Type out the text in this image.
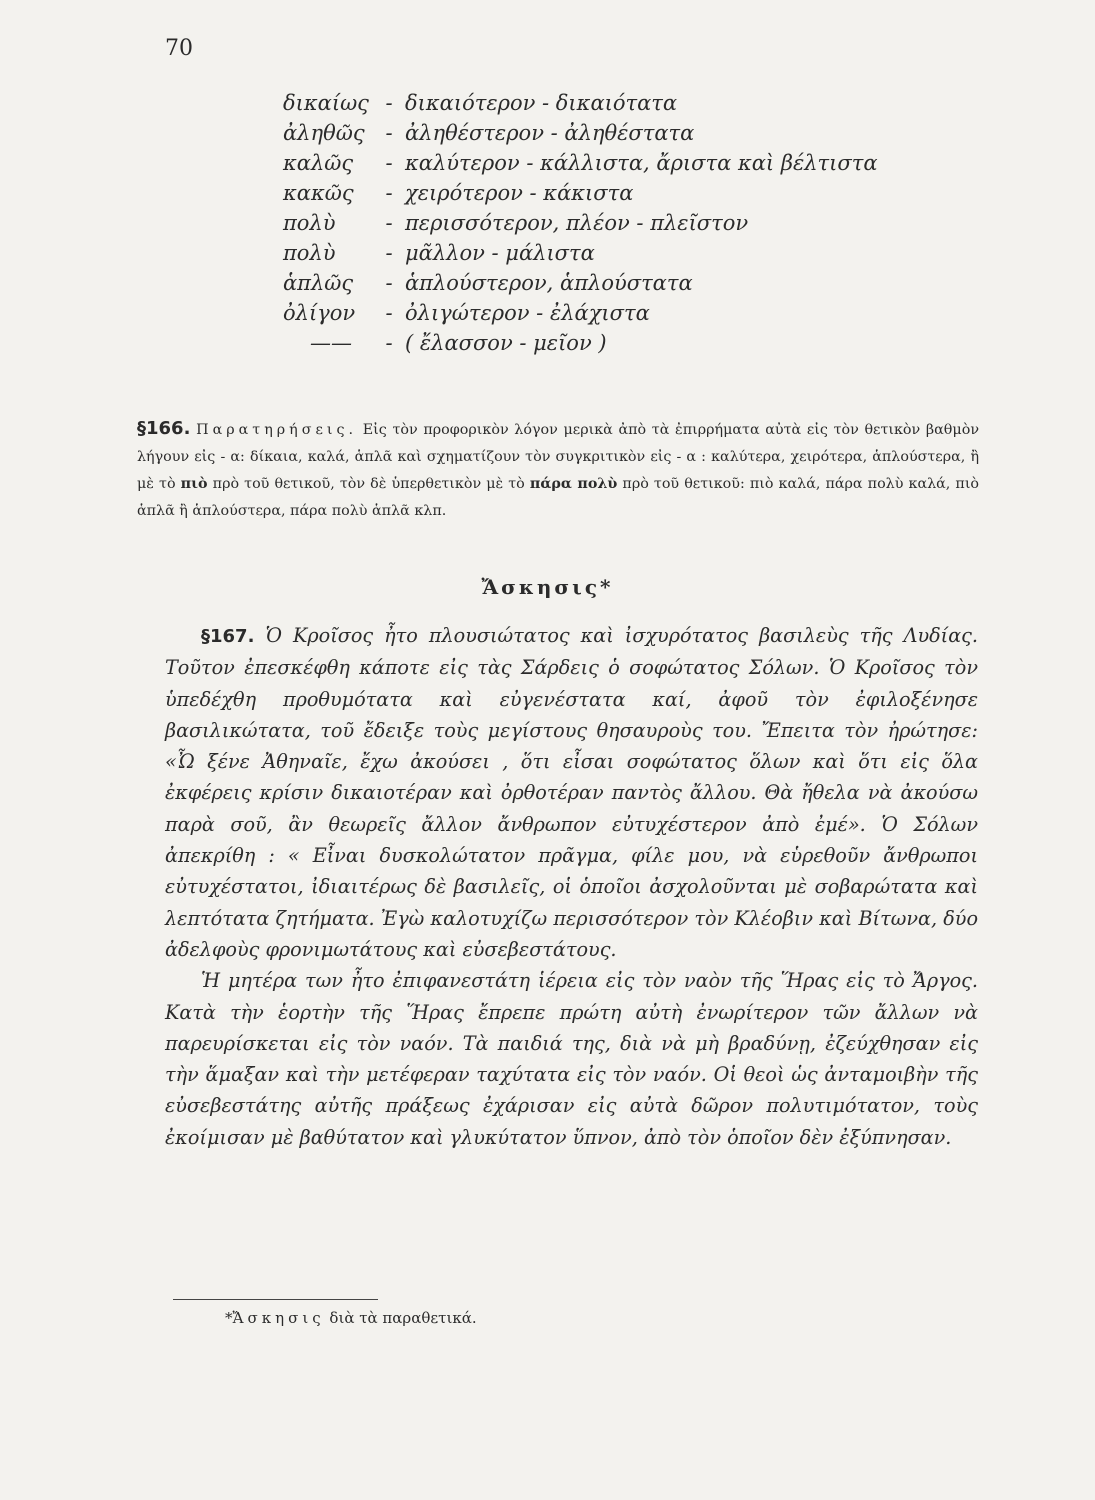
70
δικαίως - δικαιότερον - δικαιότατα
ἀληθῶς - ἀληθέστερον - ἀληθέστατα
καλῶς	- καλύτερον - κάλλιστα, ἄριστα καὶ βέλτιστα
κακῶς	- χειρότερον - κάκιστα
πολὺ	- περισσότερον, πλέον - πλεῖστον
πολὺ	- μᾶλλον - μάλιστα
ἁπλῶς	- ἁπλούστερον, ἁπλούστατα
ὀλίγον	- ὀλιγώτερον - ἐλάχιστα
——	- ( ἔλασσον - μεῖον )

§166. Παρατηρήσεις. Εἰς τὸν προφορικὸν λόγον μερικὰ ἀπὸ τὰ ἐπιρρήματα αὐτὰ εἰς τὸν θετικὸν βαθμὸν λήγουν εἰς - α: δίκαια, καλά, ἁπλᾶ καὶ σχηματίζουν τὸν συγκριτικὸν εἰς - α : καλύτερα, χειρότερα, ἁπλούστερα, ἢ μὲ τὸ πιὸ πρὸ τοῦ θετικοῦ, τὸν δὲ ὑπερθετικὸν μὲ τὸ πάρα πολὺ πρὸ τοῦ θετικοῦ: πιὸ καλά, πάρα πολὺ καλά, πιὸ ἁπλᾶ ἢ ἁπλούστερα, πάρα πολὺ ἁπλᾶ κλπ.

Ἄσκησις*

§167. Ὁ Κροῖσος ἦτο πλουσιώτατος καὶ ἰσχυρότατος βασιλεὺς τῆς Λυδίας. Τοῦτον ἐπεσκέφθη κάποτε εἰς τὰς Σάρδεις ὁ σοφώτατος Σόλων. Ὁ Κροῖσος τὸν ὑπεδέχθη προθυμότατα καὶ εὐγενέστατα καί, ἀφοῦ τὸν ἐφιλοξένησε βασιλικώτατα, τοῦ ἔδειξε τοὺς μεγίστους θησαυροὺς του. Ἔπειτα τὸν ἠρώτησε: «Ὦ ξένε Ἀθηναῖε, ἔχω ἀκούσει , ὅτι εἶσαι σοφώτατος ὅλων καὶ ὅτι εἰς ὅλα ἐκφέρεις κρίσιν δικαιοτέραν καὶ ὀρθοτέραν παντὸς ἄλλου. Θὰ ἤθελα νὰ ἀκούσω παρὰ σοῦ, ἂν θεωρεῖς ἄλλον ἄνθρωπον εὐτυχέστερον ἀπὸ ἐμέ». Ὁ Σόλων ἀπεκρίθη : « Εἶναι δυσκολώτατον πρᾶγμα, φίλε μου, νὰ εὑρεθοῦν ἄνθρωποι εὐτυχέστατοι, ἰδιαιτέρως δὲ βασιλεῖς, οἱ ὁποῖοι ἀσχολοῦνται μὲ σοβαρώτατα καὶ λεπτότατα ζητήματα. Ἐγὼ καλοτυχίζω περισσότερον τὸν Κλέοβιν καὶ Βίτωνα, δύο ἀδελφοὺς φρονιμωτάτους καὶ εὐσεβεστάτους.

Ἡ μητέρα των ἦτο ἐπιφανεστάτη ἱέρεια εἰς τὸν ναὸν τῆς Ἥρας εἰς τὸ Ἄργος. Κατὰ τὴν ἑορτὴν τῆς Ἥρας ἔπρεπε πρώτη αὐτὴ ἐνωρίτερον τῶν ἄλλων νὰ παρευρίσκεται εἰς τὸν ναόν. Τὰ παιδιά της, διὰ νὰ μὴ βραδύνῃ, ἐζεύχθησαν εἰς τὴν ἅμαξαν καὶ τὴν μετέφεραν ταχύτατα εἰς τὸν ναόν. Οἱ θεοὶ ὡς ἀνταμοιβὴν τῆς εὐσεβεστάτης αὐτῆς πράξεως ἐχάρισαν εἰς αὐτὰ δῶρον πολυτιμότατον, τοὺς ἐκοίμισαν μὲ βαθύτατον καὶ γλυκύτατον ὕπνον, ἀπὸ τὸν ὁποῖον δὲν ἐξύπνησαν.

*Ἄσκησις διὰ τὰ παραθετικά.
